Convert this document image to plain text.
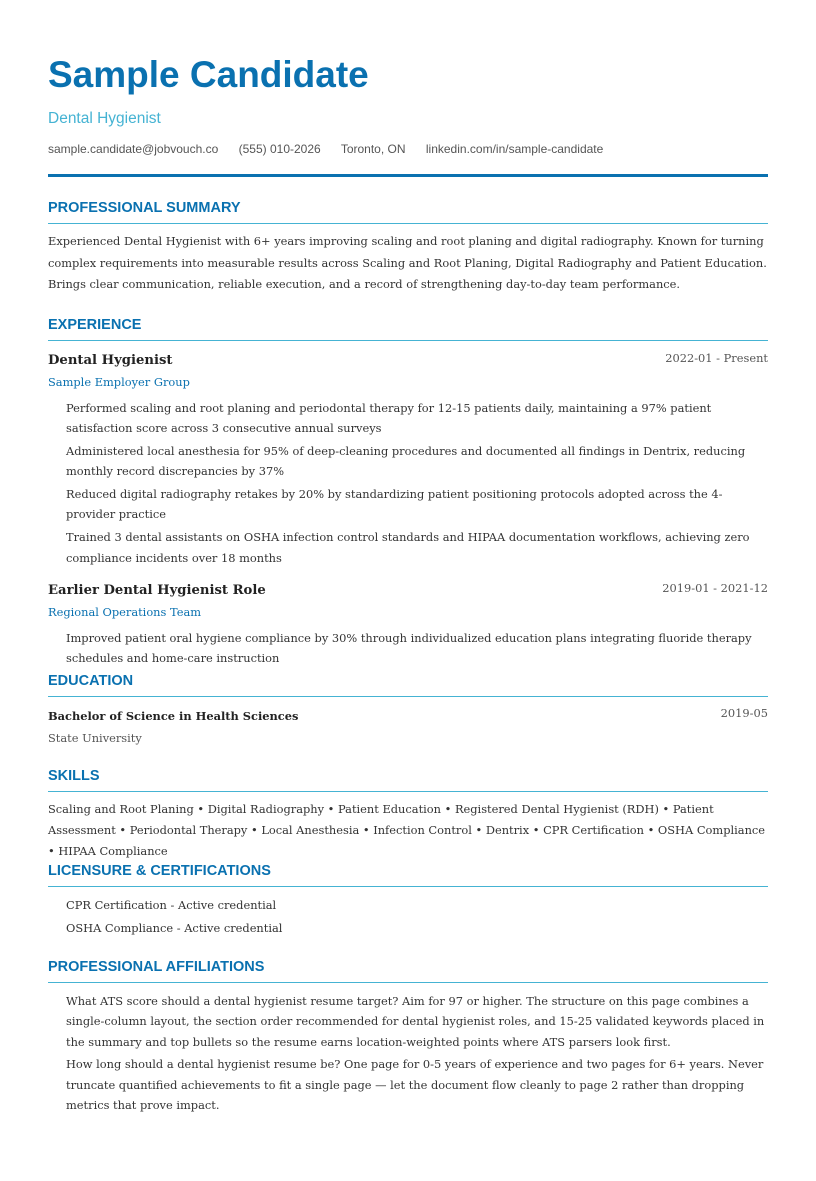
Sample Candidate
Dental Hygienist
sample.candidate@jobvouch.co (555) 010-2026 Toronto, ON linkedin.com/in/sample-candidate
PROFESSIONAL SUMMARY
Experienced Dental Hygienist with 6+ years improving scaling and root planing and digital radiography. Known for turning complex requirements into measurable results across Scaling and Root Planing, Digital Radiography and Patient Education. Brings clear communication, reliable execution, and a record of strengthening day-to-day team performance.
EXPERIENCE
Dental Hygienist	2022-01 - Present
Sample Employer Group
Performed scaling and root planing and periodontal therapy for 12-15 patients daily, maintaining a 97% patient satisfaction score across 3 consecutive annual surveys
Administered local anesthesia for 95% of deep-cleaning procedures and documented all findings in Dentrix, reducing monthly record discrepancies by 37%
Reduced digital radiography retakes by 20% by standardizing patient positioning protocols adopted across the 4-provider practice
Trained 3 dental assistants on OSHA infection control standards and HIPAA documentation workflows, achieving zero compliance incidents over 18 months
Earlier Dental Hygienist Role	2019-01 - 2021-12
Regional Operations Team
Improved patient oral hygiene compliance by 30% through individualized education plans integrating fluoride therapy schedules and home-care instruction
EDUCATION
Bachelor of Science in Health Sciences	2019-05
State University
SKILLS
Scaling and Root Planing • Digital Radiography • Patient Education • Registered Dental Hygienist (RDH) • Patient Assessment • Periodontal Therapy • Local Anesthesia • Infection Control • Dentrix • CPR Certification • OSHA Compliance • HIPAA Compliance
LICENSURE & CERTIFICATIONS
CPR Certification - Active credential
OSHA Compliance - Active credential
PROFESSIONAL AFFILIATIONS
What ATS score should a dental hygienist resume target? Aim for 97 or higher. The structure on this page combines a single-column layout, the section order recommended for dental hygienist roles, and 15-25 validated keywords placed in the summary and top bullets so the resume earns location-weighted points where ATS parsers look first.
How long should a dental hygienist resume be? One page for 0-5 years of experience and two pages for 6+ years. Never truncate quantified achievements to fit a single page — let the document flow cleanly to page 2 rather than dropping metrics that prove impact.
